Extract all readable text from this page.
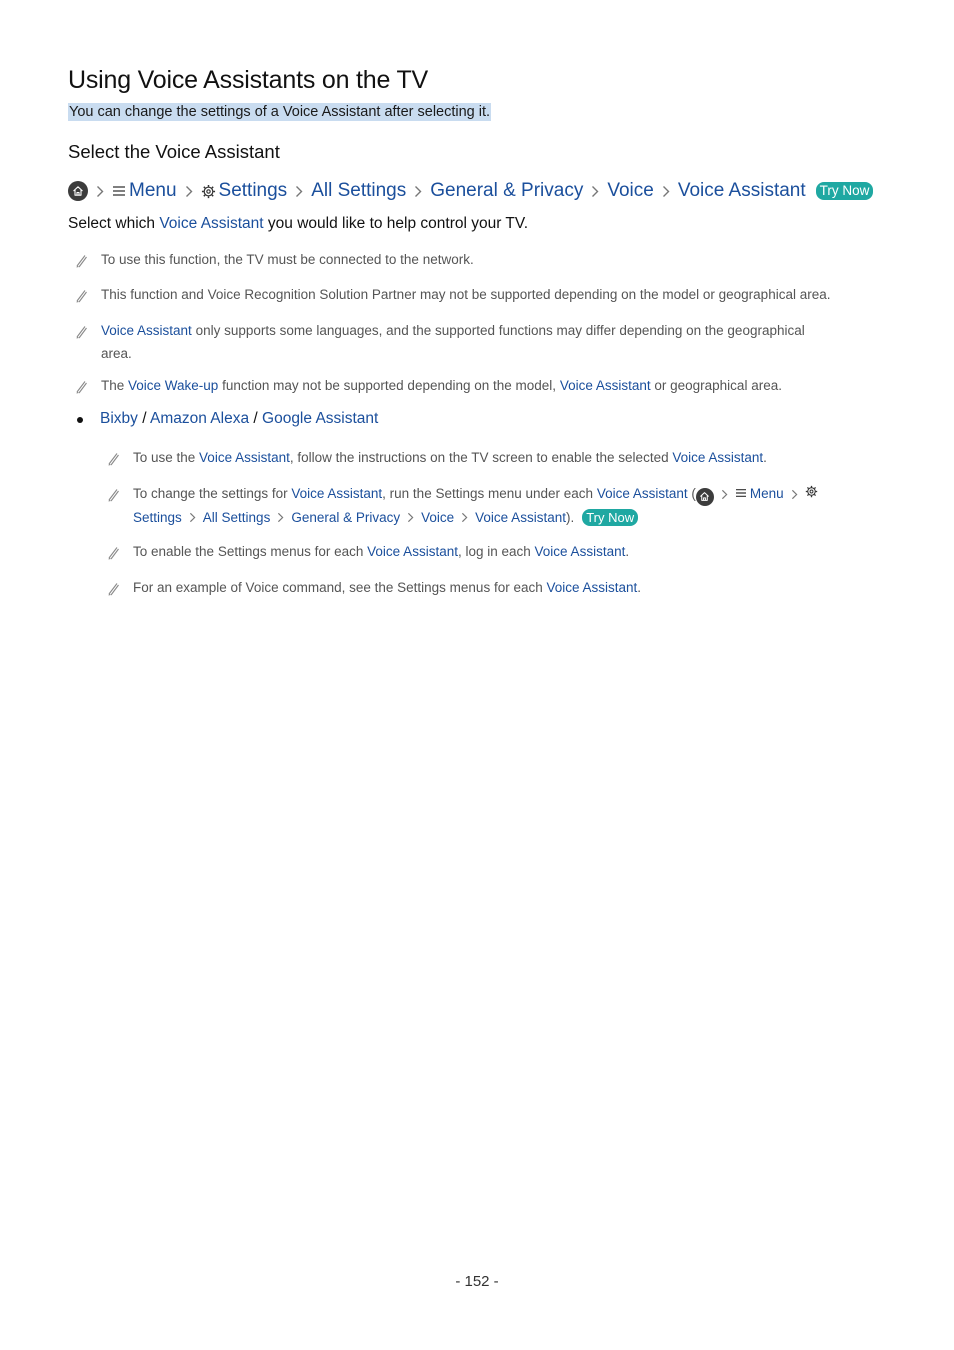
Using Voice Assistants on the TV
You can change the settings of a Voice Assistant after selecting it.
Select the Voice Assistant
Menu Settings All Settings General & Privacy Voice Voice Assistant Try Now
Select which Voice Assistant you would like to help control your TV.
To use this function, the TV must be connected to the network.
This function and Voice Recognition Solution Partner may not be supported depending on the model or geographical area.
Voice Assistant only supports some languages, and the supported functions may differ depending on the geographical
area.
The Voice Wake-up function may not be supported depending on the model, Voice Assistant or geographical area.
Bixby / Amazon Alexa / Google Assistant
To use the Voice Assistant, follow the instructions on the TV screen to enable the selected Voice Assistant.
To change the settings for Voice Assistant, run the Settings menu under each Voice Assistant (	Menu

Settings All Settings General & Privacy Voice Voice Assistant). Try Now
To enable the Settings menus for each Voice Assistant, log in each Voice Assistant.
For an example of Voice command, see the Settings menus for each Voice Assistant.
- 152 -
